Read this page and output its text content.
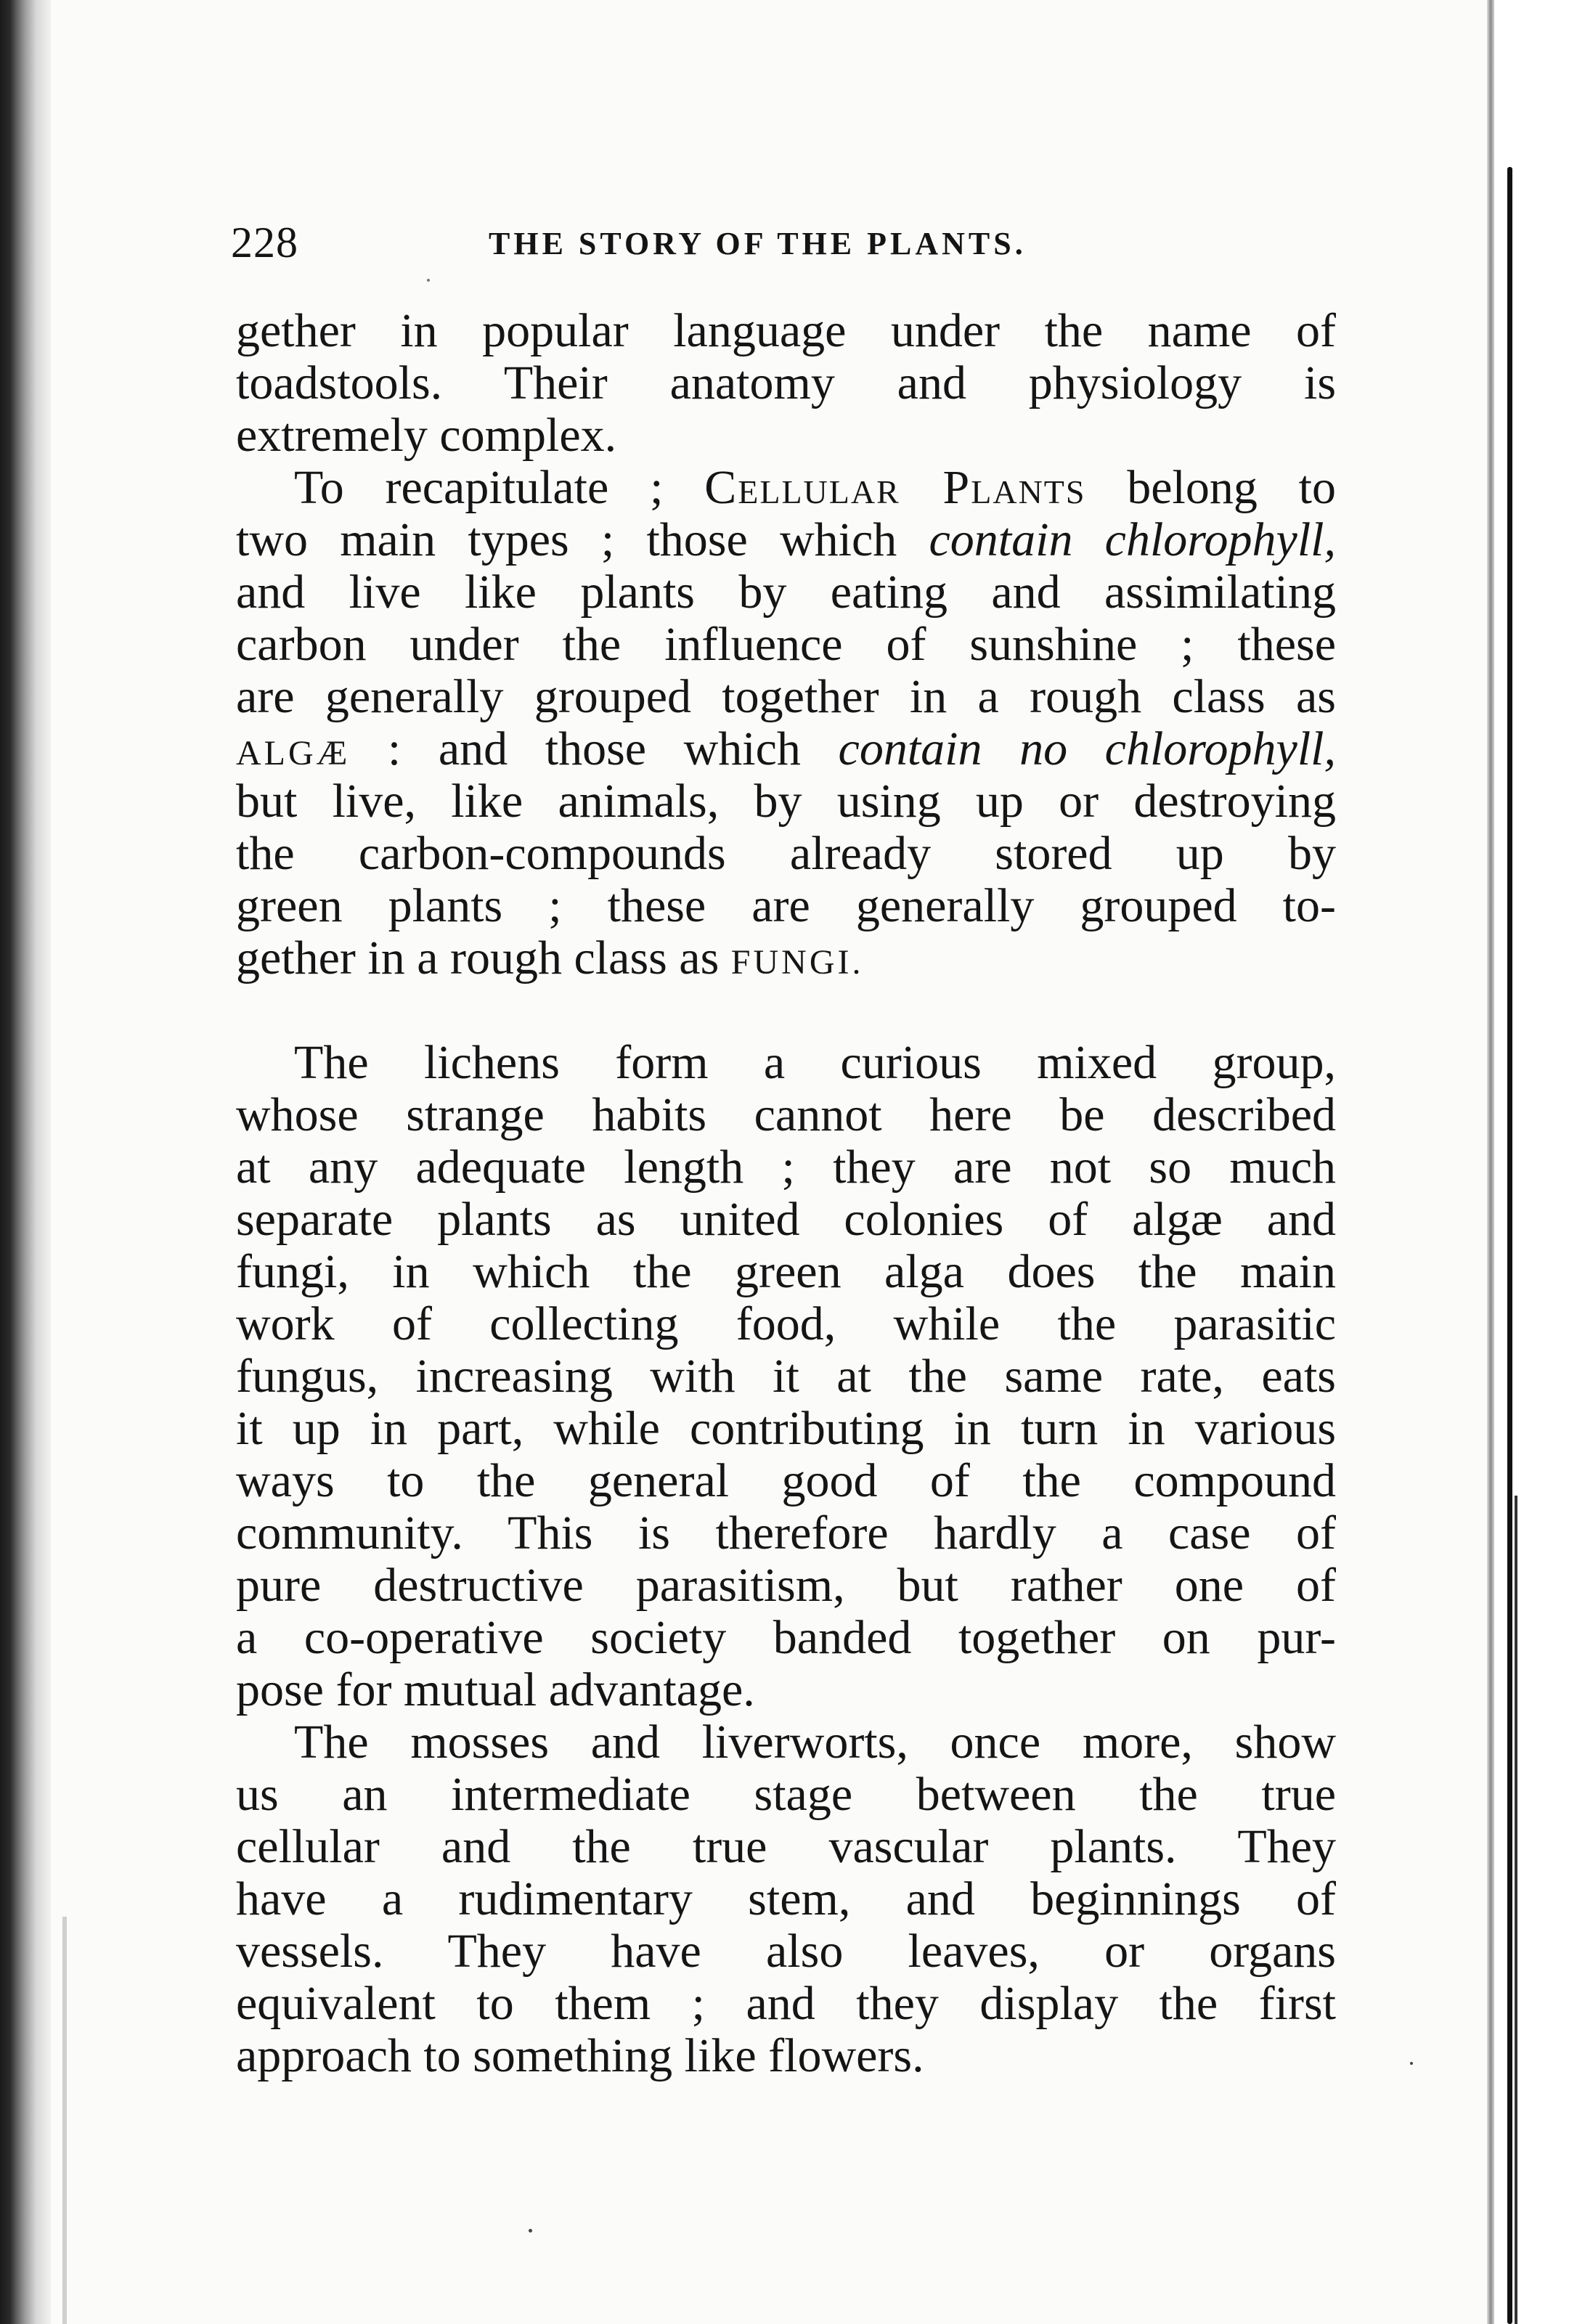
228	THE STORY OF THE PLANTS.
gether in popular language under the name of
toadstools. Their anatomy and physiology is
extremely complex.
To recapitulate ; Cellular Plants belong to
two main types ; those which contain chlorophyll,
and live like plants by eating and assimilating
carbon under the influence of sunshine ; these
are generally grouped together in a rough class as
ALGÆ : and those which contain no chlorophyll,
but live, like animals, by using up or destroying
the carbon-compounds already stored up by
green plants ; these are generally grouped to-
gether in a rough class as FUNGI.
The lichens form a curious mixed group,
whose strange habits cannot here be described
at any adequate length ; they are not so much
separate plants as united colonies of algæ and
fungi, in which the green alga does the main
work of collecting food, while the parasitic
fungus, increasing with it at the same rate, eats
it up in part, while contributing in turn in various
ways to the general good of the compound
community. This is therefore hardly a case of
pure destructive parasitism, but rather one of
a co-operative society banded together on pur-
pose for mutual advantage.
The mosses and liverworts, once more, show
us an intermediate stage between the true
cellular and the true vascular plants. They
have a rudimentary stem, and beginnings of
vessels. They have also leaves, or organs
equivalent to them ; and they display the first
approach to something like flowers.
